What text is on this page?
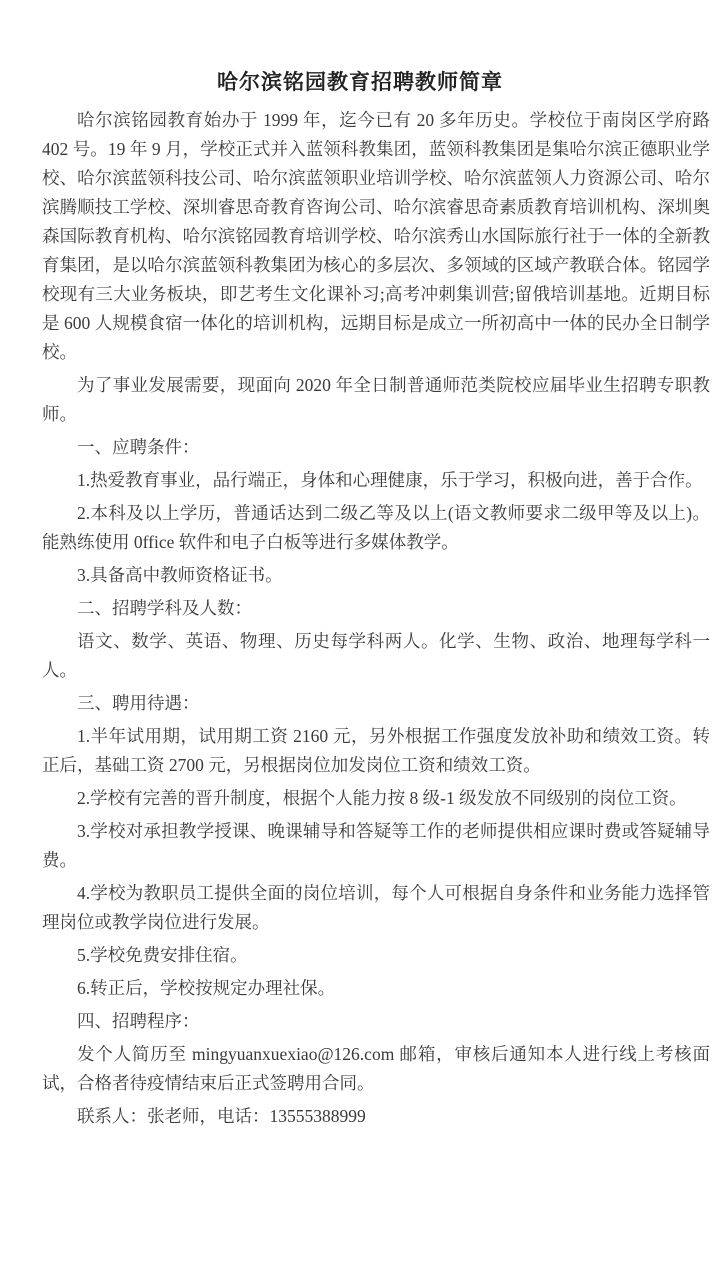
哈尔滨铭园教育招聘教师简章

哈尔滨铭园教育始办于 1999 年，迄今已有 20 多年历史。学校位于南岗区学府路 402 号。19 年 9 月，学校正式并入蓝领科教集团，蓝领科教集团是集哈尔滨正德职业学校、哈尔滨蓝领科技公司、哈尔滨蓝领职业培训学校、哈尔滨蓝领人力资源公司、哈尔滨腾顺技工学校、深圳睿思奇教育咨询公司、哈尔滨睿思奇素质教育培训机构、深圳奥森国际教育机构、哈尔滨铭园教育培训学校、哈尔滨秀山水国际旅行社于一体的全新教育集团，是以哈尔滨蓝领科教集团为核心的多层次、多领域的区域产教联合体。铭园学校现有三大业务板块，即艺考生文化课补习;高考冲刺集训营;留俄培训基地。近期目标是 600 人规模食宿一体化的培训机构，远期目标是成立一所初高中一体的民办全日制学校。

为了事业发展需要，现面向 2020 年全日制普通师范类院校应届毕业生招聘专职教师。

一、应聘条件：

1.热爱教育事业，品行端正，身体和心理健康，乐于学习，积极向进，善于合作。

2.本科及以上学历，普通话达到二级乙等及以上(语文教师要求二级甲等及以上)。能熟练使用 0ffice 软件和电子白板等进行多媒体教学。

3.具备高中教师资格证书。

二、招聘学科及人数：

语文、数学、英语、物理、历史每学科两人。化学、生物、政治、地理每学科一人。

三、聘用待遇：

1.半年试用期，试用期工资 2160 元，另外根据工作强度发放补助和绩效工资。转正后，基础工资 2700 元，另根据岗位加发岗位工资和绩效工资。

2.学校有完善的晋升制度，根据个人能力按 8 级-1 级发放不同级别的岗位工资。

3.学校对承担教学授课、晚课辅导和答疑等工作的老师提供相应课时费或答疑辅导费。

4.学校为教职员工提供全面的岗位培训，每个人可根据自身条件和业务能力选择管理岗位或教学岗位进行发展。

5.学校免费安排住宿。

6.转正后，学校按规定办理社保。

四、招聘程序：

发个人简历至 mingyuanxuexiao@126.com 邮箱，审核后通知本人进行线上考核面试，合格者待疫情结束后正式签聘用合同。

联系人：张老师，电话：13555388999
